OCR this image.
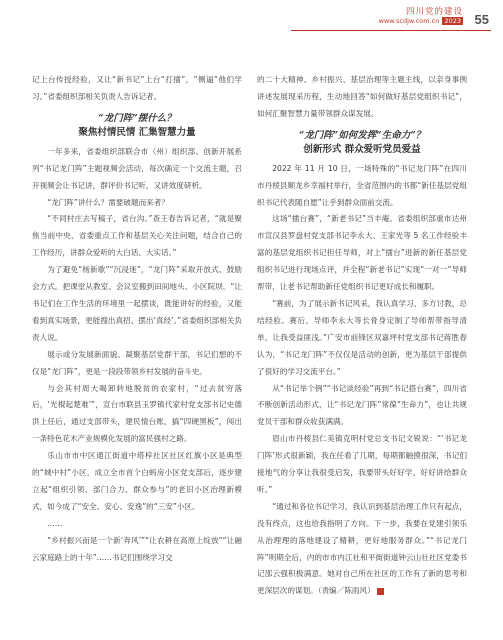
四川党的建设
www.scdjw.com.cn 2023 55

记上台传授经验，又让“新书记”上台“打擂”，“侧逼”他们学习。”省委组织部相关负责人告诉记者。

“龙门阵”摆什么？
聚焦村情民情 汇集智慧力量

一年多来，省委组织部联合市（州）组织部、创新开展系列“书记龙门阵”主题视频会活动，每次确定一个交流主题，召开视频会让书记讲，群评价书记听，又讲效度研析。

“龙门阵”讲什么？需要破题而来者？

“不同村庄去写稿子，省台沟。”查王春告诉记者，“就是聚焦当前中央、省委重点工作和基层关心关注问题，结合自己的工作经历，讲群众爱听的大白话、大实话。”

为了避免“杨新歌”“沉浸迷”，“龙门阵”采取开放式、鼓励会方式。把课堂从教室、会议室搬到田间地头、小区院坝。“让书记们在工作生活的环境里一起摆谈，既能讲好的经验，又能看到真实场景，更能搜出真招、摆出‘真经’。”省委组织部相关负责人说。

展示或分发展新面貌、凝聚基层党群干部，书记们想的不仅是“龙门阵”，更是一段段带领乡村发展的奋斗史。

与会其村周大喝卸转地脱贫的农家村，“过去贫穷落后，‘光棍起楚难’”，宣台市联县玉罗镇代家村党支部书记史德洪上任后，通过支部带头，建民情台账、搞“四硬黑板”，闯出一条特色花木产业规模化发展的富民强村之路。

乐山市市中区通江街道中塔梓社区社区红旗小区是典型的“城中村”小区，成立全市首个白蚂房小区党支部后，逐步建立起“组织引领、部门合力、群众参与”的老旧小区治理新模式，如今成了“安全、安心、安逸”的“三安”小区。

……

“乡村振兴而是一个新‘奔风’”“让农耕在高原上绽放”“让融云家庭路上的十年”……书记们围绕学习交

的二十大精神、乡村振兴、基层治理等主题主线，以亲身事例讲述发展现采历程，生动地回答“如何做好基层党组织书记”，如何汇聚智慧力量带领群众谋发展。

“龙门阵”如何发挥“生命力”？
创新形式 群众爱听党员爱益

2022 年 11 月 10 日，一场特殊的“书记龙门阵”在四川市丹棱县顺龙乡幸福村举行，全省范围内的书都“新任基层党组织书记代表随自愿”让乎到群众面前交流。

这场“擂台赛”，“新老书记”当丰庵。省委组织部重市达州市宣汉县罗盘村党支部书记李永大、王家光等 5 名工作经验丰富的基层党组织书记担任导师，对上“擂台”进新的新任基层党组织书记进行现场点评，并全程“新老书记”实现“一对一”导师帮带，让老书记帮助新任党组织书记更好成长和履职。

“赛前，为了展示新书记风采，我认真学习、多方讨教，总结经验。赛后，导师李永大等长骨身定制了导师帮带指导清单，让我受益匪浅。”广安市前锋区双嘉坪村党支部书记蒋胜春认为，“书记龙门阵”不仅仅是活动的创新，更为基层干部提供了很好的学习交流平台。”

从“书记举个例”“书记谈经验”再到“书记搭台赛”，四川省不断创新活动形式，让“书记龙门阵”常葆“生命力”，也让共规党员干部和群众收获满满。

眉山市丹棱县仁美镇克明村党总支书记文锐说：“‘书记龙门阵’形式很新颖，我在任看了几期，每期都触摸很深，书记们接地气的分享让我很受启发，我要带头好好学，好好讲给群众听。”

“通过和各位书记学习，我认识到基层治理工作只有起点，没有终点，这也给我指明了方向。下一步，我要在党建引领乐从治理理的落地建设了精耕，更好地服务群众。”“书记龙门阵”明期全后，内的市市内江社和平街街道钟云山社社区党委书记邵云强积极满意。她对自己所在社区的工作有了新的思考和更深层次的谋划。（责编／陈雨风）
